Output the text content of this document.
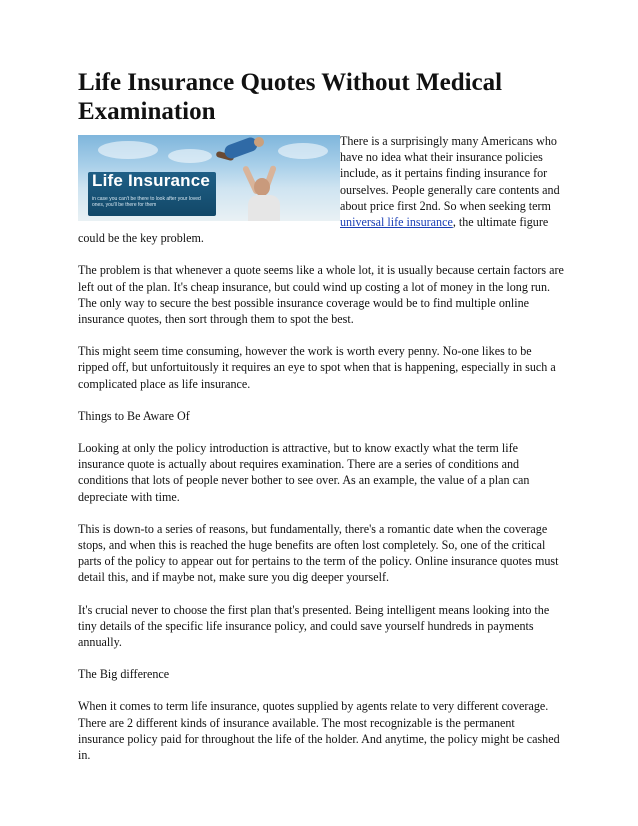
Life Insurance Quotes Without Medical Examination
Life Insurance
in case you can't be there to look after your loved ones, you'll be there for them

There is a surprisingly many Americans who have no idea what their insurance policies include, as it pertains finding insurance for ourselves. People generally care contents and about price first 2nd. So when seeking term universal life insurance, the ultimate figure could be the key problem.

The problem is that whenever a quote seems like a whole lot, it is usually because certain factors are left out of the plan. It's cheap insurance, but could wind up costing a lot of money in the long run. The only way to secure the best possible insurance coverage would be to find multiple online insurance quotes, then sort through them to spot the best.

This might seem time consuming, however the work is worth every penny. No-one likes to be ripped off, but unfortuitously it requires an eye to spot when that is happening, especially in such a complicated place as life insurance.

Things to Be Aware Of

Looking at only the policy introduction is attractive, but to know exactly what the term life insurance quote is actually about requires examination. There are a series of conditions and conditions that lots of people never bother to see over. As an example, the value of a plan can depreciate with time.

This is down-to a series of reasons, but fundamentally, there's a romantic date when the coverage stops, and when this is reached the huge benefits are often lost completely. So, one of the critical parts of the policy to appear out for pertains to the term of the policy. Online insurance quotes must detail this, and if maybe not, make sure you dig deeper yourself.

It's crucial never to choose the first plan that's presented. Being intelligent means looking into the tiny details of the specific life insurance policy, and could save yourself hundreds in payments annually.

The Big difference

When it comes to term life insurance, quotes supplied by agents relate to very different coverage. There are 2 different kinds of insurance available. The most recognizable is the permanent insurance policy paid for throughout the life of the holder. And anytime, the policy might be cashed in.
